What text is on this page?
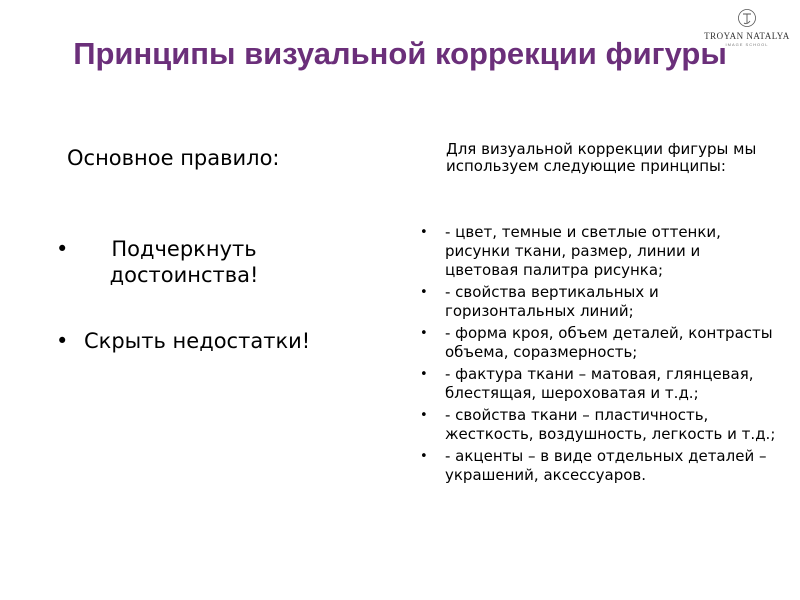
Принципы визуальной коррекции фигуры
TROYAN NATALYA
IMAGE SCHOOL

Основное правило:

•	Подчеркнуть достоинства!
• Скрыть недостатки!

Для визуальной коррекции фигуры мы используем следующие принципы:

• - цвет, темные и светлые оттенки, рисунки ткани, размер, линии и цветовая палитра рисунка;
• - свойства вертикальных и горизонтальных линий;
• - форма кроя, объем деталей, контрасты объема, соразмерность;
• - фактура ткани – матовая, глянцевая, блестящая, шероховатая и т.д.;
• - свойства ткани – пластичность, жесткость, воздушность, легкость и т.д.;
• - акценты – в виде отдельных деталей – украшений, аксессуаров.
